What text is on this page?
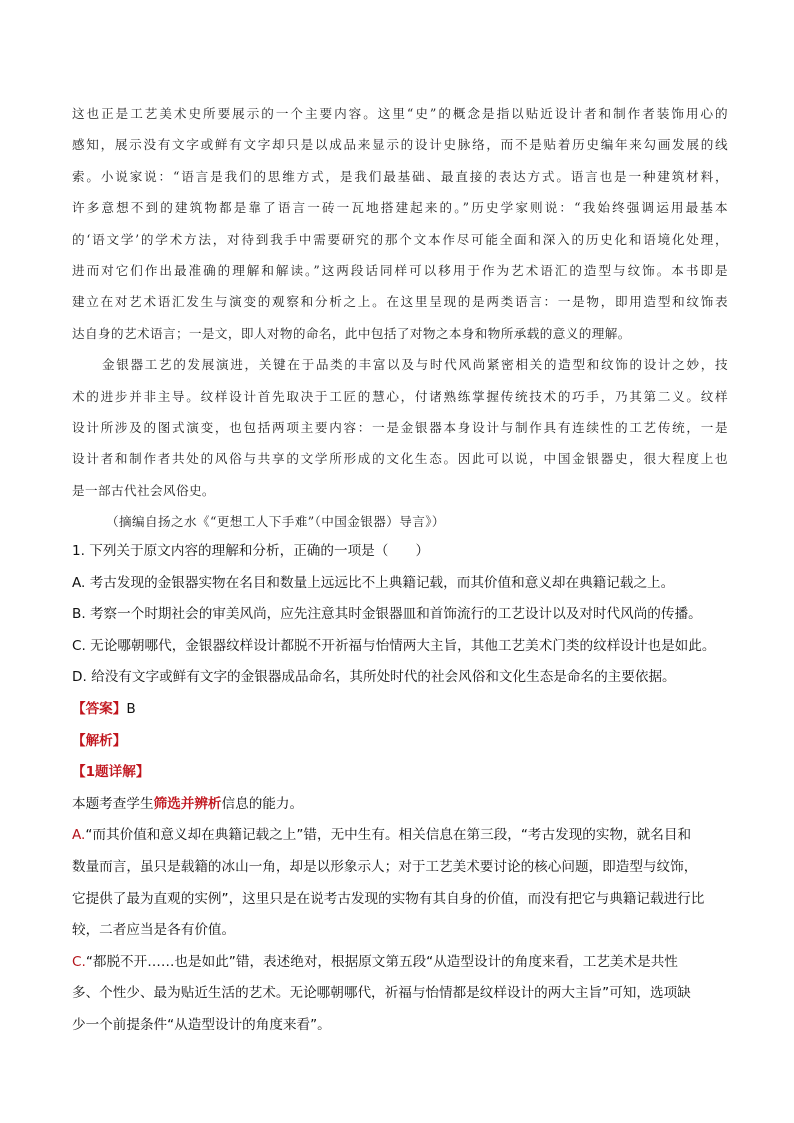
这也正是工艺美术史所要展示的一个主要内容。这里“史”的概念是指以贴近设计者和制作者装饰用心的
感知，展示没有文字或鲜有文字却只是以成品来显示的设计史脉络，而不是贴着历史编年来勾画发展的线
索。小说家说：“语言是我们的思维方式，是我们最基础、最直接的表达方式。语言也是一种建筑材料，
许多意想不到的建筑物都是靠了语言一砖一瓦地搭建起来的。”历史学家则说：“我始终强调运用最基本
的‘语文学’的学术方法，对待到我手中需要研究的那个文本作尽可能全面和深入的历史化和语境化处理，
进而对它们作出最准确的理解和解读。”这两段话同样可以移用于作为艺术语汇的造型与纹饰。本书即是
建立在对艺术语汇发生与演变的观察和分析之上。在这里呈现的是两类语言：一是物，即用造型和纹饰表
达自身的艺术语言；一是文，即人对物的命名，此中包括了对物之本身和物所承载的意义的理解。
金银器工艺的发展演进，关键在于品类的丰富以及与时代风尚紧密相关的造型和纹饰的设计之妙，技
术的进步并非主导。纹样设计首先取决于工匠的慧心，付诸熟练掌握传统技术的巧手，乃其第二义。纹样
设计所涉及的图式演变，也包括两项主要内容：一是金银器本身设计与制作具有连续性的工艺传统，一是
设计者和制作者共处的风俗与共享的文学所形成的文化生态。因此可以说，中国金银器史，很大程度上也
是一部古代社会风俗史。
（摘编自扬之水《“更想工人下手难”（中国金银器）导言》）
1. 下列关于原文内容的理解和分析，正确的一项是（　　）
A. 考古发现的金银器实物在名目和数量上远远比不上典籍记载，而其价值和意义却在典籍记载之上。
B. 考察一个时期社会的审美风尚，应先注意其时金银器皿和首饰流行的工艺设计以及对时代风尚的传播。
C. 无论哪朝哪代，金银器纹样设计都脱不开祈福与怡情两大主旨，其他工艺美术门类的纹样设计也是如此。
D. 给没有文字或鲜有文字的金银器成品命名，其所处时代的社会风俗和文化生态是命名的主要依据。
【答案】B
【解析】
【1题详解】
本题考查学生筛选并辨析信息的能力。
A.“而其价值和意义却在典籍记载之上”错，无中生有。相关信息在第三段，“考古发现的实物，就名目和
数量而言，虽只是载籍的冰山一角，却是以形象示人；对于工艺美术要讨论的核心问题，即造型与纹饰，
它提供了最为直观的实例”，这里只是在说考古发现的实物有其自身的价值，而没有把它与典籍记载进行比
较，二者应当是各有价值。
C.“都脱不开……也是如此”错，表述绝对，根据原文第五段“从造型设计的角度来看，工艺美术是共性
多、个性少、最为贴近生活的艺术。无论哪朝哪代，祈福与怡情都是纹样设计的两大主旨”可知，选项缺
少一个前提条件“从造型设计的角度来看”。
